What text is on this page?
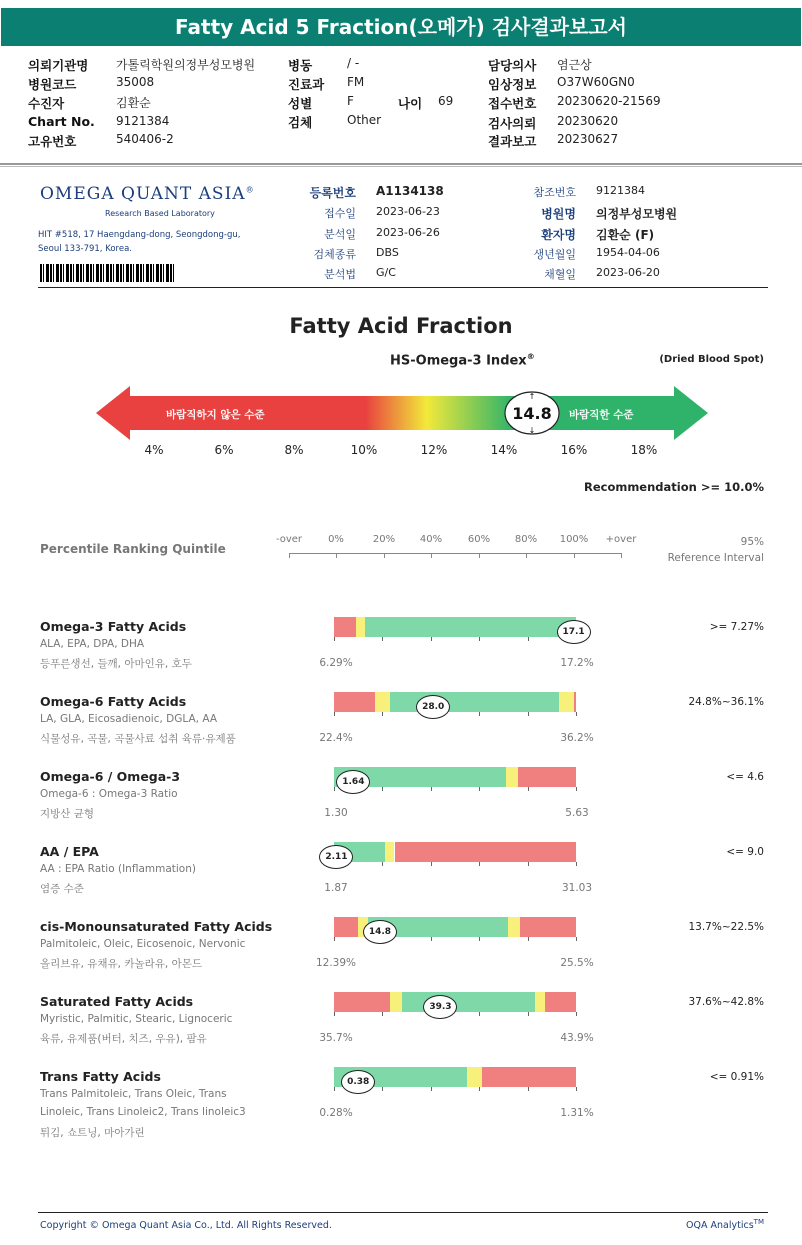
Fatty Acid 5 Fraction(오메가) 검사결과보고서
의뢰기관명 가톨릭학원의정부성모병원
병원코드	35008
수진자	김환순
Chart No. 9121384
고유번호	540406-2
병동	/ -
진료과 FM
성별	F
검체	Other
나이 69
담당의사 염근상
임상정보 O37W60GN0
접수번호 20230620-21569
검사의뢰 20230620
결과보고 20230627
OMEGA QUANT ASIA®
Research Based Laboratory
HIT #518, 17 Haengdang-dong, Seongdong-gu,
Seoul 133-791, Korea.
등록번호 A1134138
접수일 2023-06-23
분석일 2023-06-26
검체종류 DBS
분석법 G/C
참조번호 9121384
병원명 의정부성모병원
환자명 김환순 (F)
생년월일 1954-04-06
채혈일 2023-06-20
Fatty Acid Fraction
HS-Omega-3 Index®	(Dried Blood Spot)
바람직하지 않은 수준	바람직한 수준
14.8
↑
↓
4%	6%	8%	10%	12%	14%	16%	18%
Recommendation >= 10.0%
Percentile Ranking Quintile
-over	0%	20%	40%	60%	80%	100%	+over	95%
Reference Interval
Omega-3 Fatty Acids
ALA, EPA, DPA, DHA
등푸른생선, 들깨, 아마인유, 호두
>= 7.27%
6.29%	17.2%
17.1
Omega-6 Fatty Acids
LA, GLA, Eicosadienoic, DGLA, AA
식물성유, 곡물, 곡물사료 섭취 육류·유제품
24.8%~36.1%
22.4%	36.2%
28.0
Omega-6 / Omega-3
Omega-6 : Omega-3 Ratio
지방산 균형
<= 4.6
1.30	5.63
1.64
AA / EPA
AA : EPA Ratio (Inflammation)
염증 수준
<= 9.0
1.87	31.03
2.11
cis-Monounsaturated Fatty Acids
Palmitoleic, Oleic, Eicosenoic, Nervonic
올리브유, 유채유, 카놀라유, 아몬드
13.7%~22.5%
12.39%	25.5%
14.8
Saturated Fatty Acids
Myristic, Palmitic, Stearic, Lignoceric
육류, 유제품(버터, 치즈, 우유), 팜유
37.6%~42.8%
35.7%	43.9%
39.3
Trans Fatty Acids
Trans Palmitoleic, Trans Oleic, Trans
Linoleic, Trans Linoleic2, Trans linoleic3
튀김, 쇼트닝, 마아가린
<= 0.91%
0.28%	1.31%
0.38
Copyright © Omega Quant Asia Co., Ltd. All Rights Reserved.	OQA Analytics™
